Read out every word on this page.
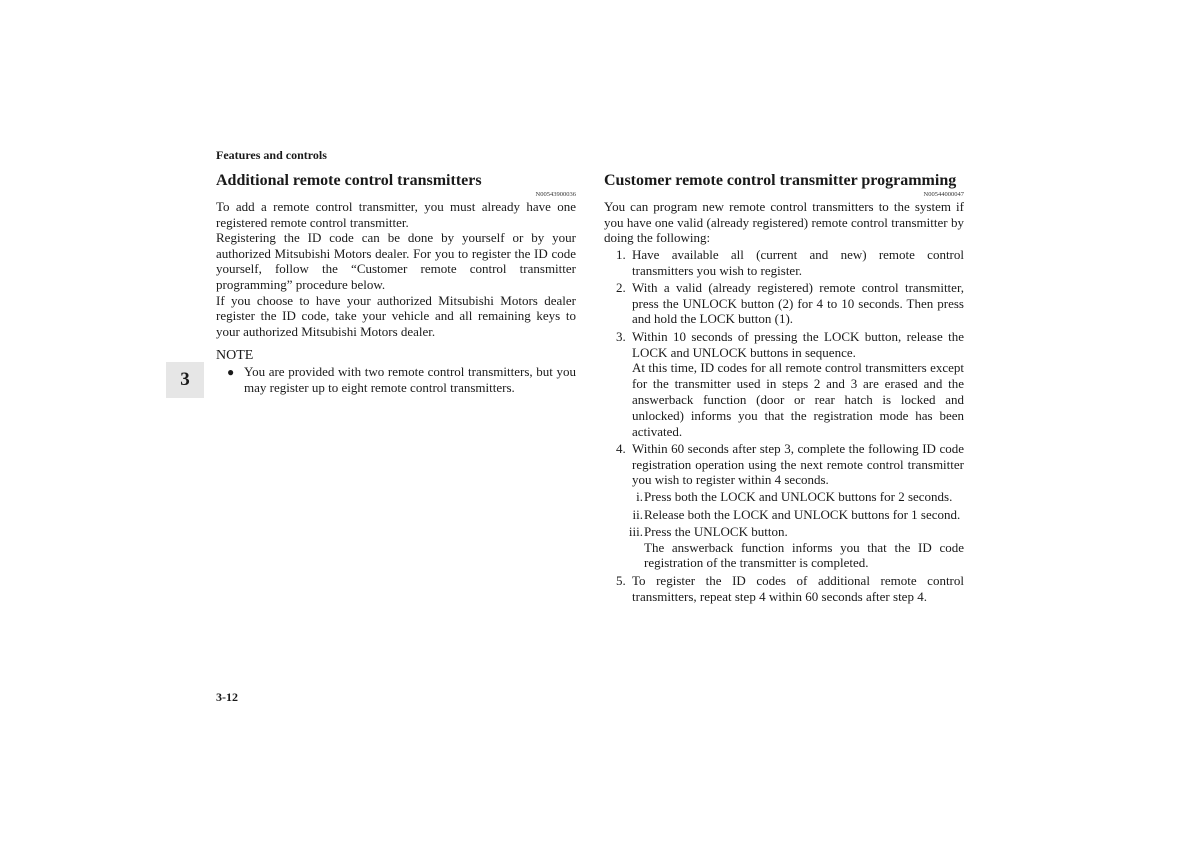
Features and controls
3
Additional remote control transmitters
N00543900036

To add a remote control transmitter, you must already have one registered remote control transmitter.

Registering the ID code can be done by yourself or by your authorized Mitsubishi Motors dealer. For you to register the ID code yourself, follow the “Customer remote control transmitter programming” procedure below.

If you choose to have your authorized Mitsubishi Motors dealer register the ID code, take your vehicle and all remaining keys to your authorized Mitsubishi Motors dealer.

NOTE
● You are provided with two remote control transmitters, but you may register up to eight remote control transmitters.
Customer remote control transmitter programming
N00544000047

You can program new remote control transmitters to the system if you have one valid (already registered) remote control transmitter by doing the following:

1. Have available all (current and new) remote control transmitters you wish to register.
2. With a valid (already registered) remote control transmitter, press the UNLOCK button (2) for 4 to 10 seconds. Then press and hold the LOCK button (1).
3. Within 10 seconds of pressing the LOCK button, release the LOCK and UNLOCK buttons in sequence.
At this time, ID codes for all remote control transmitters except for the transmitter used in steps 2 and 3 are erased and the answerback function (door or rear hatch is locked and unlocked) informs you that the registration mode has been activated.
4. Within 60 seconds after step 3, complete the following ID code registration operation using the next remote control transmitter you wish to register within 4 seconds.
i. Press both the LOCK and UNLOCK buttons for 2 seconds.
ii. Release both the LOCK and UNLOCK buttons for 1 second.
iii. Press the UNLOCK button.
The answerback function informs you that the ID code registration of the transmitter is completed.
5. To register the ID codes of additional remote control transmitters, repeat step 4 within 60 seconds after step 4.
3-12
